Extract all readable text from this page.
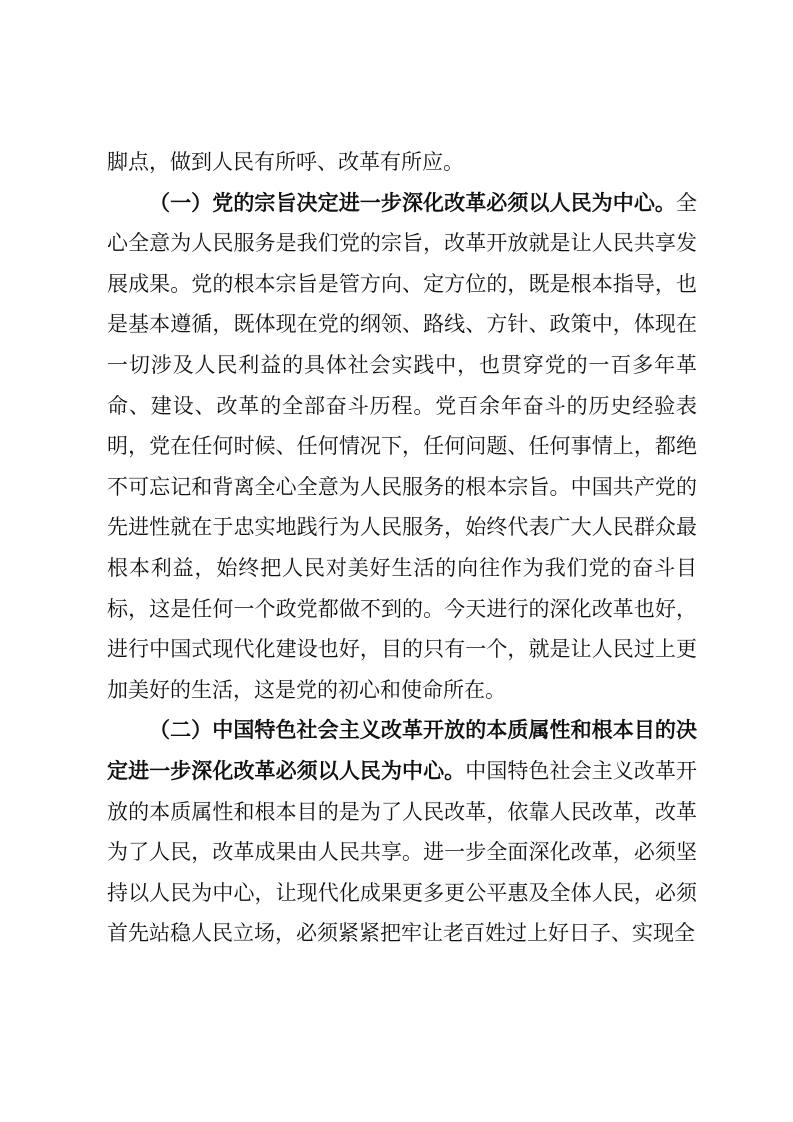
脚点，做到人民有所呼、改革有所应。

（一）党的宗旨决定进一步深化改革必须以人民为中心。全心全意为人民服务是我们党的宗旨，改革开放就是让人民共享发展成果。党的根本宗旨是管方向、定方位的，既是根本指导，也是基本遵循，既体现在党的纲领、路线、方针、政策中，体现在一切涉及人民利益的具体社会实践中，也贯穿党的一百多年革命、建设、改革的全部奋斗历程。党百余年奋斗的历史经验表明，党在任何时候、任何情况下，任何问题、任何事情上，都绝不可忘记和背离全心全意为人民服务的根本宗旨。中国共产党的先进性就在于忠实地践行为人民服务，始终代表广大人民群众最根本利益，始终把人民对美好生活的向往作为我们党的奋斗目标，这是任何一个政党都做不到的。今天进行的深化改革也好，进行中国式现代化建设也好，目的只有一个，就是让人民过上更加美好的生活，这是党的初心和使命所在。

（二）中国特色社会主义改革开放的本质属性和根本目的决定进一步深化改革必须以人民为中心。中国特色社会主义改革开放的本质属性和根本目的是为了人民改革，依靠人民改革，改革为了人民，改革成果由人民共享。进一步全面深化改革，必须坚持以人民为中心，让现代化成果更多更公平惠及全体人民，必须首先站稳人民立场，必须紧紧把牢让老百姓过上好日子、实现全
